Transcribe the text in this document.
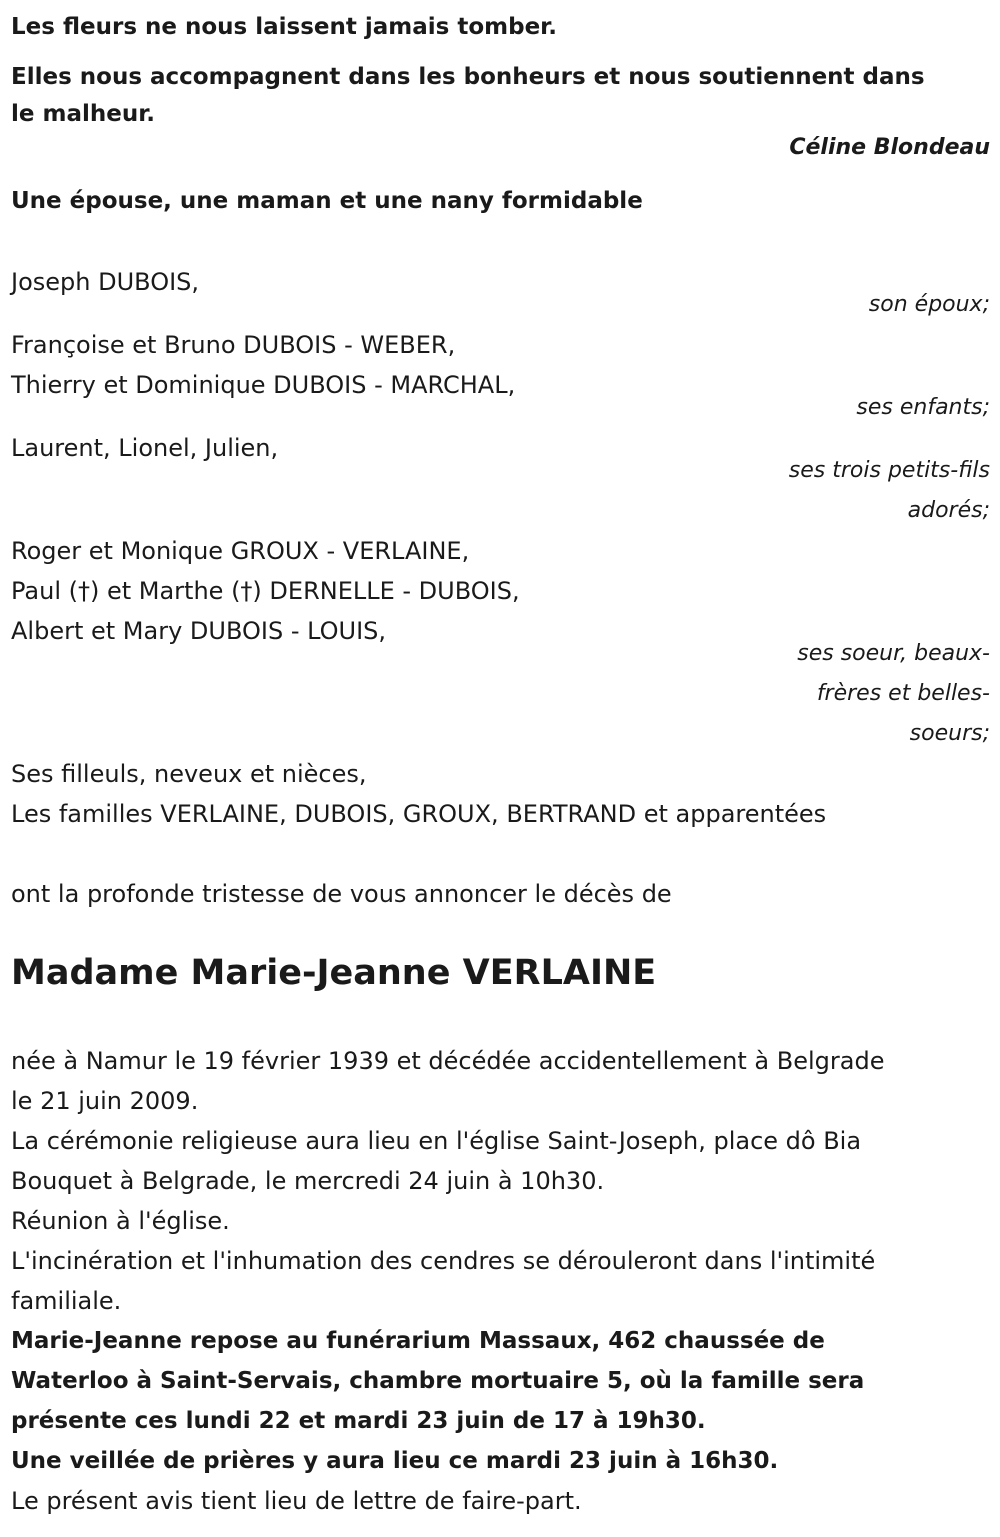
Les fleurs ne nous laissent jamais tomber.
Elles nous accompagnent dans les bonheurs et nous soutiennent dans
le malheur.
Céline Blondeau
Une épouse, une maman et une nany formidable
Joseph DUBOIS,
son époux;
Françoise et Bruno DUBOIS - WEBER,
Thierry et Dominique DUBOIS - MARCHAL,
ses enfants;
Laurent, Lionel, Julien,
ses trois petits-fils
adorés;
Roger et Monique GROUX - VERLAINE,
Paul (†) et Marthe (†) DERNELLE - DUBOIS,
Albert et Mary DUBOIS - LOUIS,
ses soeur, beaux-
frères et belles-
soeurs;
Ses filleuls, neveux et nièces,
Les familles VERLAINE, DUBOIS, GROUX, BERTRAND et apparentées
ont la profonde tristesse de vous annoncer le décès de
Madame Marie-Jeanne VERLAINE
née à Namur le 19 février 1939 et décédée accidentellement à Belgrade
le 21 juin 2009.
La cérémonie religieuse aura lieu en l'église Saint-Joseph, place dô Bia
Bouquet à Belgrade, le mercredi 24 juin à 10h30.
Réunion à l'église.
L'incinération et l'inhumation des cendres se dérouleront dans l'intimité
familiale.
Marie-Jeanne repose au funérarium Massaux, 462 chaussée de
Waterloo à Saint-Servais, chambre mortuaire 5, où la famille sera
présente ces lundi 22 et mardi 23 juin de 17 à 19h30.
Une veillée de prières y aura lieu ce mardi 23 juin à 16h30.
Le présent avis tient lieu de lettre de faire-part.
